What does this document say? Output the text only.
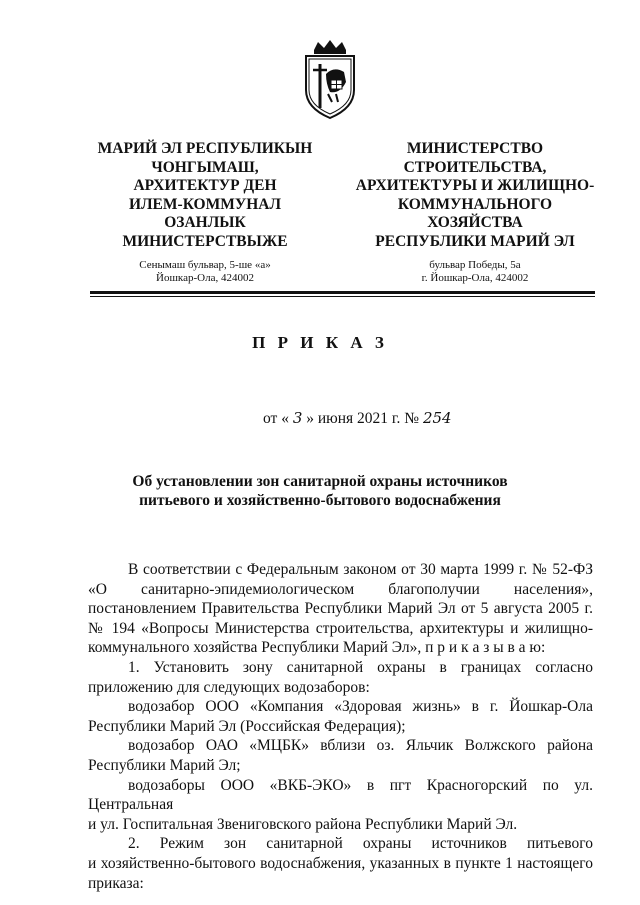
МАРИЙ ЭЛ РЕСПУБЛИКЫН
ЧОНГЫМАШ,
АРХИТЕКТУР ДЕН
ИЛЕМ-КОММУНАЛ
ОЗАНЛЫК
МИНИСТЕРСТВЫЖЕ
МИНИСТЕРСТВО
СТРОИТЕЛЬСТВА,
АРХИТЕКТУРЫ И ЖИЛИЩНО-
КОММУНАЛЬНОГО
ХОЗЯЙСТВА
РЕСПУБЛИКИ МАРИЙ ЭЛ
Сенымаш бульвар, 5-ше «а»
Йошкар-Ола, 424002
бульвар Победы, 5а
г. Йошкар-Ола, 424002
П Р И К А З
от « 3 » июня 2021 г. № 254
Об установлении зон санитарной охраны источников
питьевого и хозяйственно-бытового водоснабжения

В соответствии с Федеральным законом от 30 марта 1999 г. № 52-ФЗ

«О санитарно-эпидемиологическом благополучии населения»,

постановлением Правительства Республики Марий Эл от 5 августа 2005 г.

№ 194 «Вопросы Министерства строительства, архитектуры и жилищно-

коммунального хозяйства Республики Марий Эл», п р и к а з ы в а ю:

1. Установить зону санитарной охраны в границах согласно

приложению для следующих водозаборов:

водозабор ООО «Компания «Здоровая жизнь» в г. Йошкар-Ола

Республики Марий Эл (Российская Федерация);

водозабор ОАО «МЦБК» вблизи оз. Яльчик Волжского района

Республики Марий Эл;

водозаборы ООО «ВКБ-ЭКО» в пгт Красногорский по ул. Центральная

и ул. Госпитальная Звениговского района Республики Марий Эл.

2. Режим зон санитарной охраны источников питьевого

и хозяйственно-бытового водоснабжения, указанных в пункте 1 настоящего

приказа:
